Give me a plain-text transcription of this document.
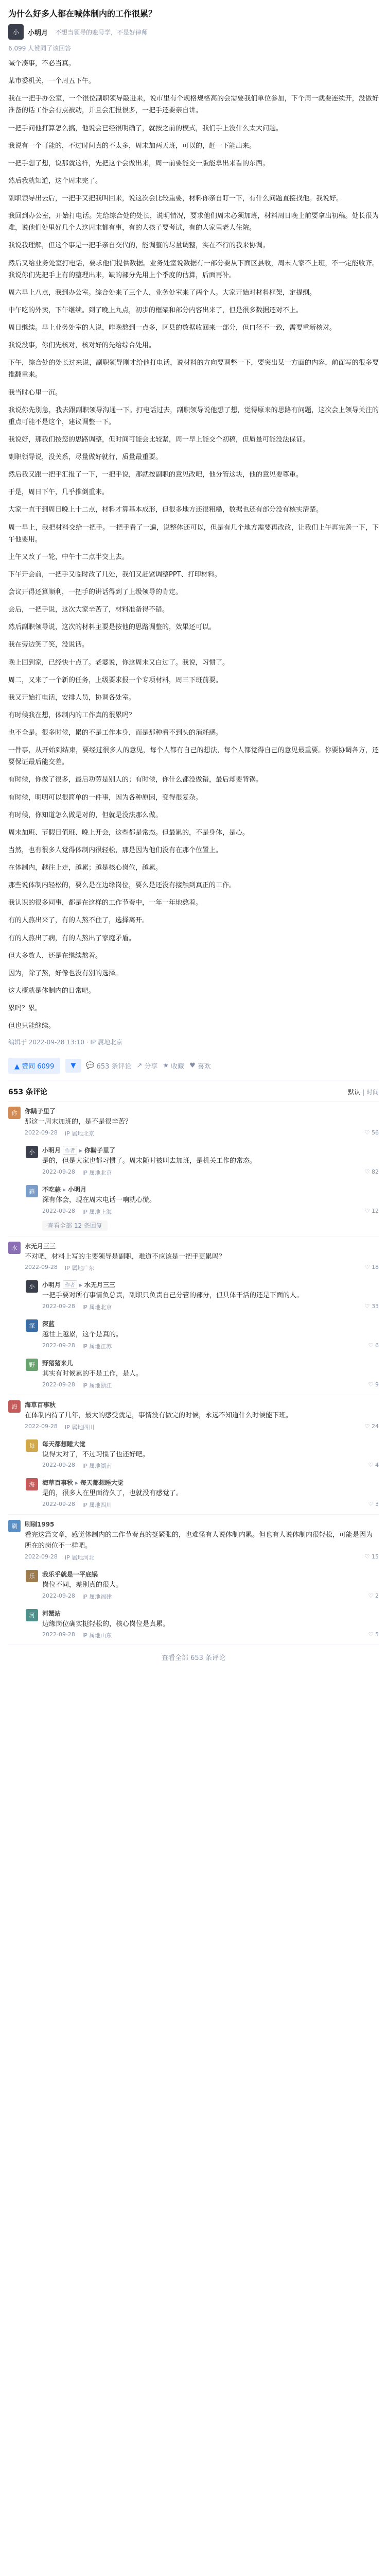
为什么好多人都在喊体制内的工作很累？
小	小明月 不想当领导的账号学，不是好律师
6,099 人赞同了该回答

喊个凑事，不必当真。

某市委机关，一个周五下午。

我在一把手办公室，一个很位副职领导敲进来，说市里有个规格规格高的会需要我们单位参加，下个周一就要连续开，没做好准备的话工作会有点被动，并且会汇报很多，一把手还要亲自讲。

一把手问他打算怎么搞，他说会已经很明确了，就按之前的模式，我们手上没什么太大问题。

我说有一个可能的，不过时间真的不太多，周末加两天班，可以的，赶一下能出来。

一把手想了想，说那就这样，先把这个会做出来，周一前要能交一版能拿出来看的东西。

然后我就知道，这个周末完了。

副职领导出去后，一把手又把我叫回来，说这次会比较重要，材料你亲自盯一下，有什么问题直接找他。我说好。

我回到办公室，开始打电话。先给综合处的处长，说明情况，要求他们周末必须加班，材料周日晚上前要拿出初稿。处长很为难，说他们处里好几个人这周末都有事，有的人孩子要考试，有的人家里老人住院。

我说我理解，但这个事是一把手亲自交代的，能调整的尽量调整，实在不行的我来协调。

然后又给业务处室打电话，要求他们提供数据。业务处室说数据有一部分要从下面区县收，周末人家不上班，不一定能收齐。我说你们先把手上有的整理出来，缺的部分先用上个季度的估算，后面再补。

周六早上八点，我到办公室。综合处来了三个人，业务处室来了两个人。大家开始对材料框架，定提纲。

中午吃的外卖，下午继续。到了晚上九点，初步的框架和部分内容出来了，但是很多数据还对不上。

周日继续。早上业务处室的人说，昨晚熬到一点多，区县的数据收回来一部分，但口径不一致，需要重新核对。

我说没事，你们先核对，核对好的先给综合处用。

下午，综合处的处长过来说，副职领导刚才给他打电话，说材料的方向要调整一下，要突出某一方面的内容，前面写的很多要推翻重来。

我当时心里一沉。

我说你先别急，我去跟副职领导沟通一下。打电话过去，副职领导说他想了想，觉得原来的思路有问题，这次会上领导关注的重点可能不是这个，建议调整一下。

我说好，那我们按您的思路调整，但时间可能会比较紧，周一早上能交个初稿，但质量可能没法保证。

副职领导说，没关系，尽量做好就行，质量最重要。

然后我又跟一把手汇报了一下，一把手说，那就按副职的意见改吧，他分管这块，他的意见要尊重。

于是，周日下午，几乎推倒重来。

大家一直干到周日晚上十二点，材料才算基本成形，但很多地方还很粗糙，数据也还有部分没有核实清楚。

周一早上，我把材料交给一把手。一把手看了一遍，说整体还可以，但是有几个地方需要再改改，让我们上午再完善一下，下午他要用。

上午又改了一轮，中午十二点半交上去。

下午开会前，一把手又临时改了几处，我们又赶紧调整PPT、打印材料。

会议开得还算顺利，一把手的讲话得到了上级领导的肯定。

会后，一把手说，这次大家辛苦了，材料准备得不错。

然后副职领导说，这次的材料主要是按他的思路调整的，效果还可以。

我在旁边笑了笑，没说话。

晚上回到家，已经快十点了。老婆说，你这周末又白过了。我说，习惯了。

周二，又来了一个新的任务，上级要求报一个专项材料，周三下班前要。

我又开始打电话，安排人员，协调各处室。

有时候我在想，体制内的工作真的很累吗？

也不全是。很多时候，累的不是工作本身，而是那种看不到头的消耗感。

一件事，从开始到结束，要经过很多人的意见，每个人都有自己的想法，每个人都觉得自己的意见最重要。你要协调各方，还要保证最后能交差。

有时候，你做了很多，最后功劳是别人的；有时候，你什么都没做错，最后却要背锅。

有时候，明明可以很简单的一件事，因为各种原因，变得很复杂。

有时候，你知道怎么做是对的，但就是没法那么做。

周末加班、节假日值班、晚上开会，这些都是常态。但最累的，不是身体，是心。

当然，也有很多人觉得体制内很轻松，那是因为他们没有在那个位置上。

在体制内，越往上走，越累；越是核心岗位，越累。

那些说体制内轻松的，要么是在边缘岗位，要么是还没有接触到真正的工作。

我认识的很多同事，都是在这样的工作节奏中，一年一年地熬着。

有的人熬出来了，有的人熬不住了，选择离开。

有的人熬出了病，有的人熬出了家庭矛盾。

但大多数人，还是在继续熬着。

因为，除了熬，好像也没有别的选择。

这大概就是体制内的日常吧。

累吗？累。

但也只能继续。

编辑于 2022-09-28 13:10 · IP 属地北京
▲ 赞同 6099	▼	💬 653 条评论 ↗ 分享 ★ 收藏 ♥ 喜欢
653 条评论	默认 | 时间
你	你瞒子里了
那这一周末加班的，是不是很辛苦？
2022-09-28 IP 属地北京	♡ 56
小	小明月 作者 ▸ 你瞒子里了
是的，但是大家也都习惯了。周末随时被叫去加班，是机关工作的常态。
2022-09-28 IP 属地北京	♡ 82
蒜	不吃蒜 ▸ 小明月
深有体会，现在周末电话一响就心慌。
2022-09-28 IP 属地上海	♡ 12
查看全部 12 条回复
水	水无月三三
不对吧，材料上写的主要领导是副职，难道不应该是一把手更累吗？
2022-09-28 IP 属地广东	♡ 18
小	小明月 作者 ▸ 水无月三三
一把手要对所有事情负总责，副职只负责自己分管的部分，但具体干活的还是下面的人。
2022-09-28 IP 属地北京	♡ 33
深	深蓝
越往上越累，这个是真的。
2022-09-28 IP 属地江苏	♡ 6
野	野猪猪来儿
其实有时候累的不是工作，是人。
2022-09-28 IP 属地浙江	♡ 9
海	海草百事秋
在体制内待了几年，最大的感受就是，事情没有做完的时候，永远不知道什么时候能下班。
2022-09-28 IP 属地四川	♡ 24
每	每天都想睡大觉
说得太对了，不过习惯了也还好吧。
2022-09-28 IP 属地湖南	♡ 4
海	海草百事秋 ▸ 每天都想睡大觉
是的，很多人在里面待久了，也就没有感觉了。
2022-09-28 IP 属地四川	♡ 3
刷	刷刷1995
看完这篇文章，感觉体制内的工作节奏真的挺紧张的，也难怪有人说体制内累。但也有人说体制内很轻松，可能是因为所在的岗位不一样吧。
2022-09-28 IP 属地河北	♡ 15
乐	我乐乎就是一平底锅
岗位不同，差别真的很大。
2022-09-28 IP 属地福建	♡ 2
河	河蟹站
边缘岗位确实挺轻松的，核心岗位是真累。
2022-09-28 IP 属地山东	♡ 5
查看全部 653 条评论
